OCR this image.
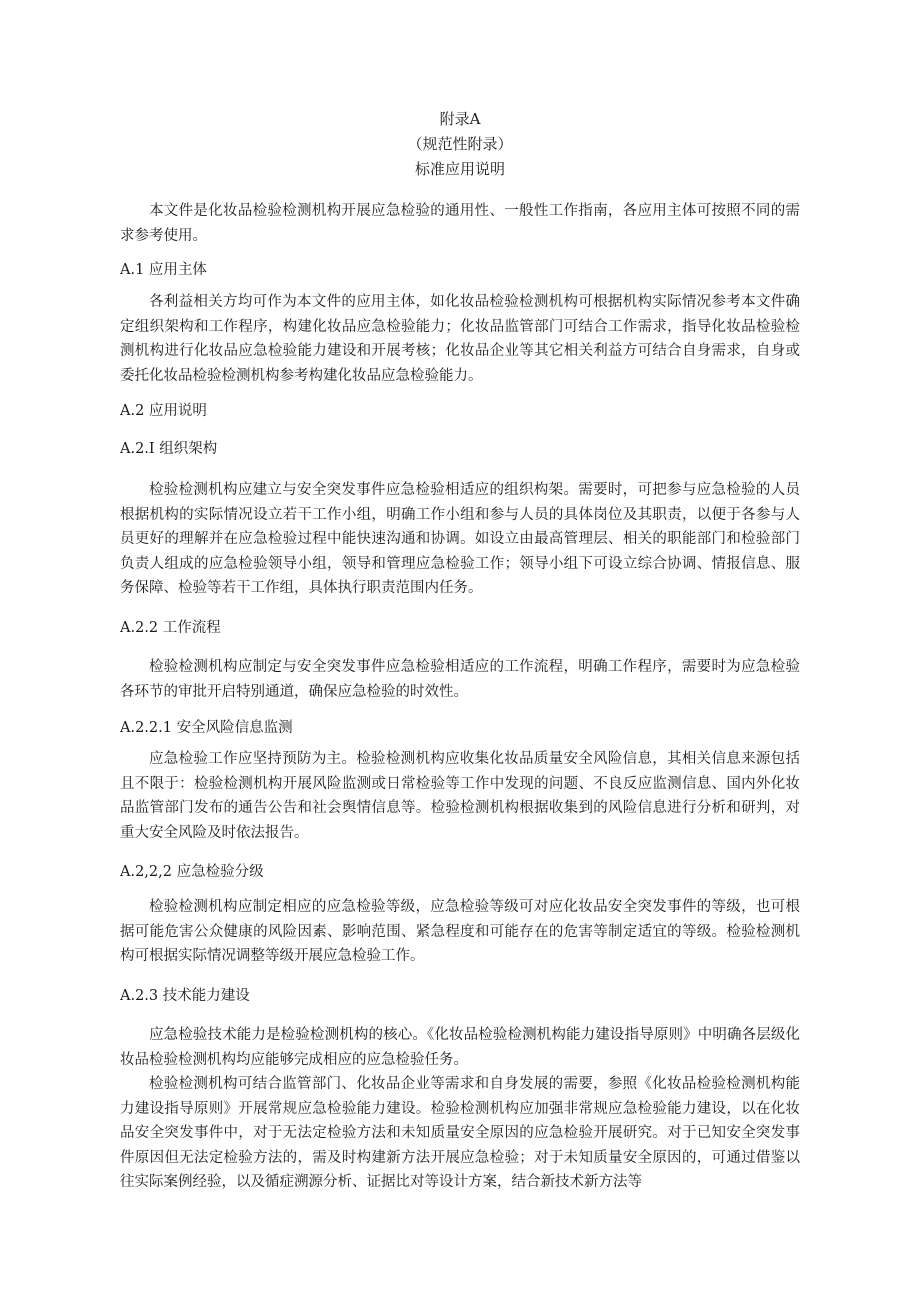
附录A
（规范性附录）
标准应用说明
本文件是化妆品检验检测机构开展应急检验的通用性、一般性工作指南，各应用主体可按照不同的需求参考使用。
A.1 应用主体
各利益相关方均可作为本文件的应用主体，如化妆品检验检测机构可根据机构实际情况参考本文件确定组织架构和工作程序，构建化妆品应急检验能力；化妆品监管部门可结合工作需求，指导化妆品检验检测机构进行化妆品应急检验能力建设和开展考核；化妆品企业等其它相关利益方可结合自身需求，自身或委托化妆品检验检测机构参考构建化妆品应急检验能力。
A.2 应用说明
A.2.I 组织架构
检验检测机构应建立与安全突发事件应急检验相适应的组织构架。需要时，可把参与应急检验的人员根据机构的实际情况设立若干工作小组，明确工作小组和参与人员的具体岗位及其职责，以便于各参与人员更好的理解并在应急检验过程中能快速沟通和协调。如设立由最高管理层、相关的职能部门和检验部门负责人组成的应急检验领导小组，领导和管理应急检验工作；领导小组下可设立综合协调、情报信息、服务保障、检验等若干工作组，具体执行职责范围内任务。
A.2.2 工作流程
检验检测机构应制定与安全突发事件应急检验相适应的工作流程，明确工作程序，需要时为应急检验各环节的审批开启特别通道，确保应急检验的时效性。
A.2.2.1 安全风险信息监测
应急检验工作应坚持预防为主。检验检测机构应收集化妆品质量安全风险信息，其相关信息来源包括且不限于：检验检测机构开展风险监测或日常检验等工作中发现的问题、不良反应监测信息、国内外化妆品监管部门发布的通告公告和社会舆情信息等。检验检测机构根据收集到的风险信息进行分析和研判，对重大安全风险及时依法报告。
A.2,2,2 应急检验分级
检验检测机构应制定相应的应急检验等级，应急检验等级可对应化妆品安全突发事件的等级，也可根据可能危害公众健康的风险因素、影响范围、紧急程度和可能存在的危害等制定适宜的等级。检验检测机构可根据实际情况调整等级开展应急检验工作。
A.2.3 技术能力建设
应急检验技术能力是检验检测机构的核心。《化妆品检验检测机构能力建设指导原则》中明确各层级化妆品检验检测机构均应能够完成相应的应急检验任务。
检验检测机构可结合监管部门、化妆品企业等需求和自身发展的需要，参照《化妆品检验检测机构能力建设指导原则》开展常规应急检验能力建设。检验检测机构应加强非常规应急检验能力建设，以在化妆品安全突发事件中，对于无法定检验方法和未知质量安全原因的应急检验开展研究。对于已知安全突发事件原因但无法定检验方法的，需及时构建新方法开展应急检验；对于未知质量安全原因的，可通过借鉴以往实际案例经验，以及循症溯源分析、证据比对等设计方案，结合新技术新方法等
